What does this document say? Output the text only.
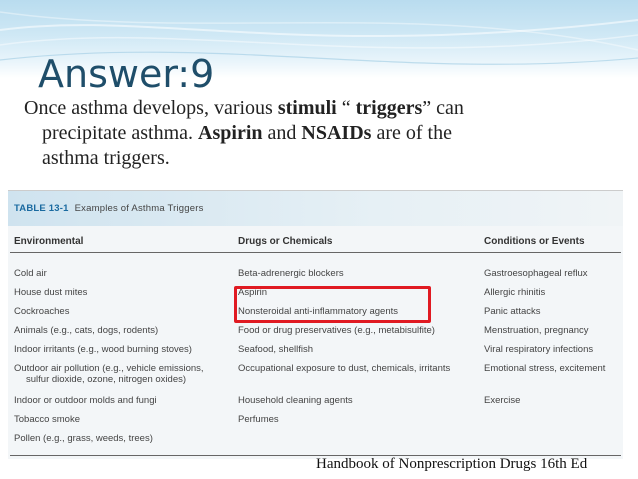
Answer:9

Once asthma develops, various stimuli “ triggers” can
precipitate asthma. Aspirin and NSAIDs are of the
asthma triggers.

TABLE 13-1 Examples of Asthma Triggers
Environmental	Drugs or Chemicals	Conditions or Events
Cold air
House dust mites
Cockroaches
Animals (e.g., cats, dogs, rodents)
Indoor irritants (e.g., wood burning stoves)
Outdoor air pollution (e.g., vehicle emissions,
sulfur dioxide, ozone, nitrogen oxides)
Indoor or outdoor molds and fungi
Tobacco smoke
Pollen (e.g., grass, weeds, trees)
Beta-adrenergic blockers
Aspirin
Nonsteroidal anti-inflammatory agents
Food or drug preservatives (e.g., metabisulfite)
Seafood, shellfish
Occupational exposure to dust, chemicals, irritants
Household cleaning agents
Perfumes
Gastroesophageal reflux
Allergic rhinitis
Panic attacks
Menstruation, pregnancy
Viral respiratory infections
Emotional stress, excitement
Exercise
Handbook of Nonprescription Drugs 16th Ed
